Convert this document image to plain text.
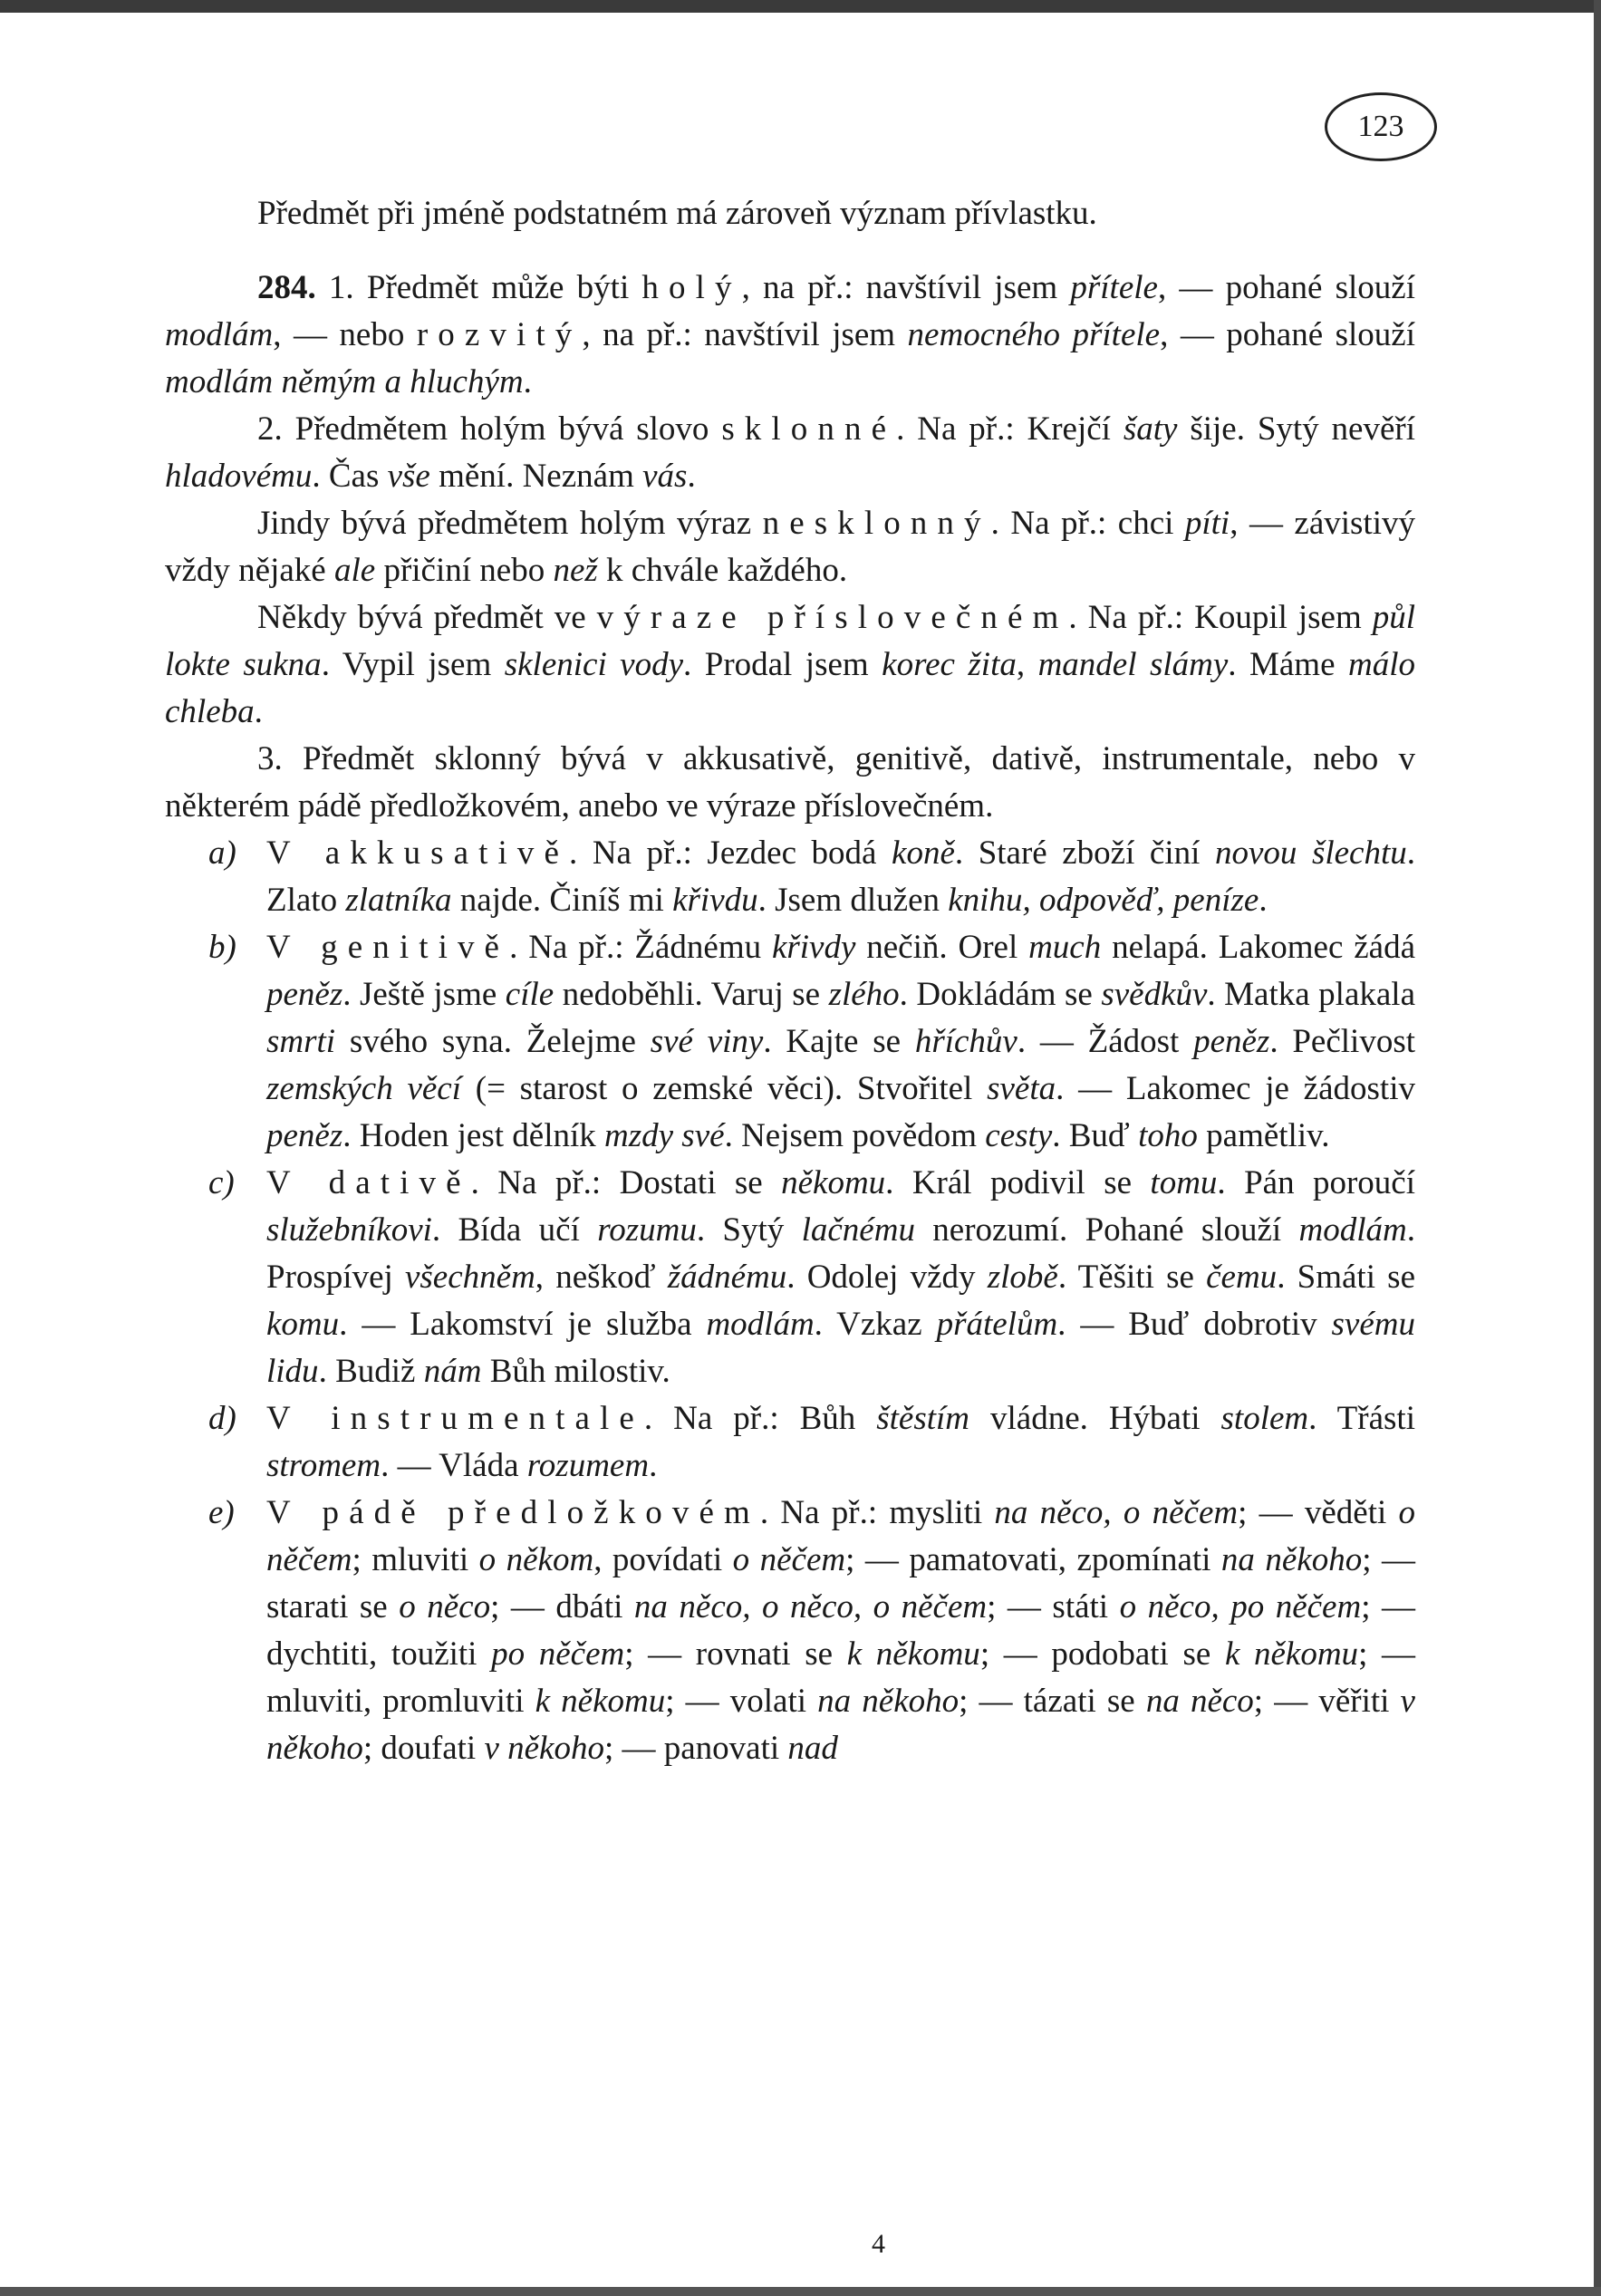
123

Předmět při jméně podstatném má zároveň význam přívlastku.

284. 1. Předmět může býti holý, na př.: navštívil jsem přítele, — pohané slouží modlám, — nebo rozvitý, na př.: navštívil jsem nemocného přítele, — pohané slouží modlám němým a hluchým.

2. Předmětem holým bývá slovo sklonné. Na př.: Krejčí šaty šije. Sytý nevěří hladovému. Čas vše mění. Neznám vás.

Jindy bývá předmětem holým výraz nesklonný. Na př.: chci píti, — závistivý vždy nějaké ale přičiní nebo než k chvále každého.

Někdy bývá předmět ve výraze příslovečném. Na př.: Koupil jsem půl lokte sukna. Vypil jsem sklenici vody. Prodal jsem korec žita, mandel slámy. Máme málo chleba.

3. Předmět sklonný bývá v akkusativě, genitivě, dativě, instrumentale, nebo v některém pádě předložkovém, anebo ve výraze příslovečném.

a) V akkusativě. Na př.: Jezdec bodá koně. Staré zboží činí novou šlechtu. Zlato zlatníka najde. Činíš mi křivdu. Jsem dlužen knihu, odpověď, peníze.

b) V genitivě. Na př.: Žádnému křivdy nečiň. Orel much nelapá. Lakomec žádá peněz. Ještě jsme cíle nedoběhli. Varuj se zlého. Dokládám se svědkův. Matka plakala smrti svého syna. Želejme své viny. Kajte se hříchův. — Žádost peněz. Pečlivost zemských věcí (= starost o zemské věci). Stvořitel světa. — Lakomec je žádostiv peněz. Hoden jest dělník mzdy své. Nejsem povědom cesty. Buď toho pamětliv.

c) V dativě. Na př.: Dostati se někomu. Král podivil se tomu. Pán poroučí služebníkovi. Bída učí rozumu. Sytý lačnému nerozumí. Pohané slouží modlám. Prospívej všechněm, neškoď žádnému. Odolej vždy zlobě. Těšiti se čemu. Smáti se komu. — Lakomství je služba modlám. Vzkaz přátelům. — Buď dobrotiv svému lidu. Budiž nám Bůh milostiv.

d) V instrumentale. Na př.: Bůh štěstím vládne. Hýbati stolem. Třásti stromem. — Vláda rozumem.

e) V pádě předložkovém. Na př.: mysliti na něco, o něčem; — věděti o něčem; mluviti o někom, povídati o něčem; — pamatovati, zpomínati na někoho; — starati se o něco; — dbáti na něco, o něco, o něčem; — státi o něco, po něčem; — dychtiti, toužiti po něčem; — rovnati se k někomu; — podobati se k někomu; — mluviti, promluviti k někomu; — volati na někoho; — tázati se na něco; — věřiti v někoho; doufati v někoho; — panovati nad

4
